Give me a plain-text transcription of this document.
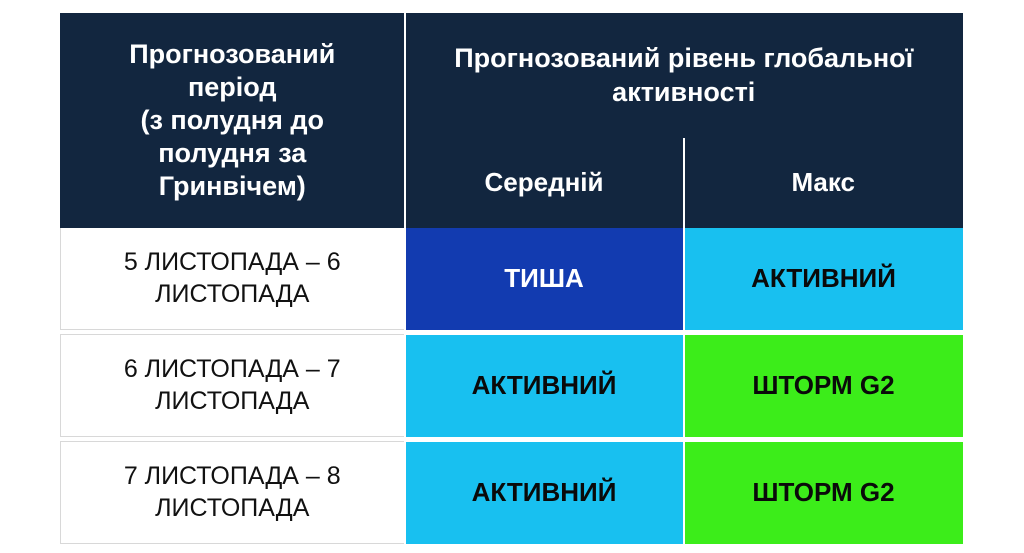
Прогнозований
період
(з полудня до
полудня за
Гринвічем)	Прогнозований рівень глобальної активності	
	Середній	Макс
5 ЛИСТОПАДА – 6 ЛИСТОПАДА	ТИША	АКТИВНИЙ

6 ЛИСТОПАДА – 7 ЛИСТОПАДА	АКТИВНИЙ	ШТОРМ G2

7 ЛИСТОПАДА – 8 ЛИСТОПАДА	АКТИВНИЙ	ШТОРМ G2
